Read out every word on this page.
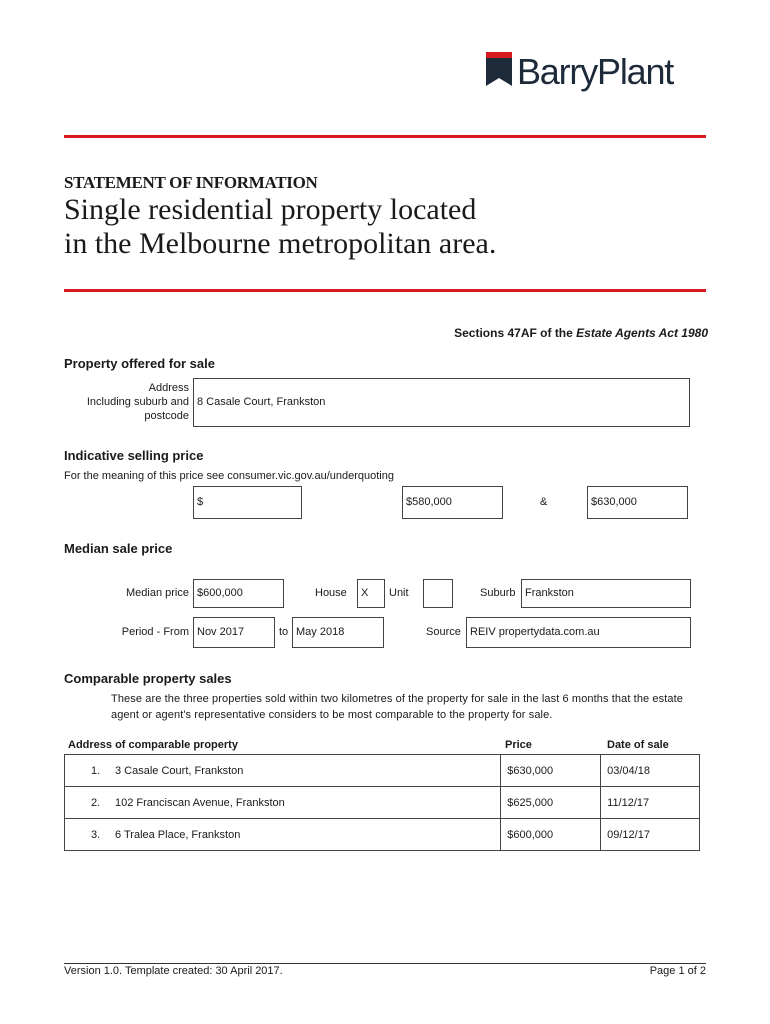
BarryPlant
STATEMENT OF INFORMATION
Single residential property located
in the Melbourne metropolitan area.
Sections 47AF of the Estate Agents Act 1980
Property offered for sale
Address
Including suburb and
postcode
8 Casale Court, Frankston
Indicative selling price
For the meaning of this price see consumer.vic.gov.au/underquoting
$	$580,000	&	$630,000
Median sale price
Median price $600,000	House X Unit	Suburb Frankston
Period - From Nov 2017	to May 2018	Source REIV propertydata.com.au
Comparable property sales
These are the three properties sold within two kilometres of the property for sale in the last 6 months that the estate
agent or agent's representative considers to be most comparable to the property for sale.
Address of comparable property	Price	Date of sale
1. 3 Casale Court, Frankston	$630,000	03/04/18
2. 102 Franciscan Avenue, Frankston	$625,000	11/12/17
3. 6 Tralea Place, Frankston	$600,000	09/12/17
Version 1.0. Template created: 30 April 2017.	Page 1 of 2
